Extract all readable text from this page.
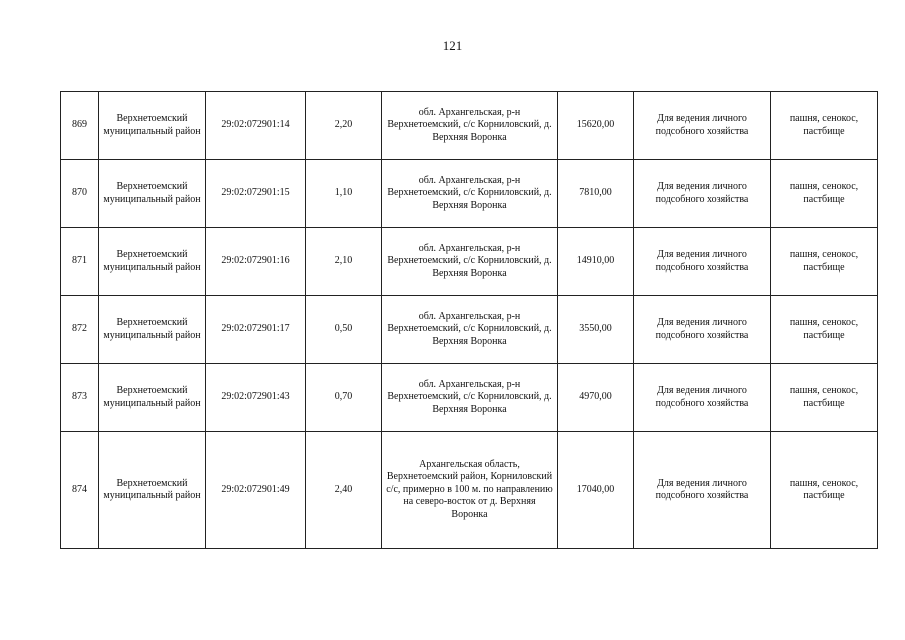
121
869	Верхнетоемский муниципальный район	29:02:072901:14	2,20	обл. Архангельская, р-н Верхнетоемский, с/с Корниловский, д. Верхняя Воронка	15620,00	Для ведения личного подсобного хозяйства	пашня, сенокос, пастбище
870	Верхнетоемский муниципальный район	29:02:072901:15	1,10	обл. Архангельская, р-н Верхнетоемский, с/с Корниловский, д. Верхняя Воронка	7810,00	Для ведения личного подсобного хозяйства	пашня, сенокос, пастбище
871	Верхнетоемский муниципальный район	29:02:072901:16	2,10	обл. Архангельская, р-н Верхнетоемский, с/с Корниловский, д. Верхняя Воронка	14910,00	Для ведения личного подсобного хозяйства	пашня, сенокос, пастбище
872	Верхнетоемский муниципальный район	29:02:072901:17	0,50	обл. Архангельская, р-н Верхнетоемский, с/с Корниловский, д. Верхняя Воронка	3550,00	Для ведения личного подсобного хозяйства	пашня, сенокос, пастбище
873	Верхнетоемский муниципальный район	29:02:072901:43	0,70	обл. Архангельская, р-н Верхнетоемский, с/с Корниловский, д. Верхняя Воронка	4970,00	Для ведения личного подсобного хозяйства	пашня, сенокос, пастбище
874	Верхнетоемский муниципальный район	29:02:072901:49	2,40	Архангельская область, Верхнетоемский район, Корниловский с/с, примерно в 100 м. по направлению на северо-восток от д. Верхняя Воронка	17040,00	Для ведения личного подсобного хозяйства	пашня, сенокос, пастбище
